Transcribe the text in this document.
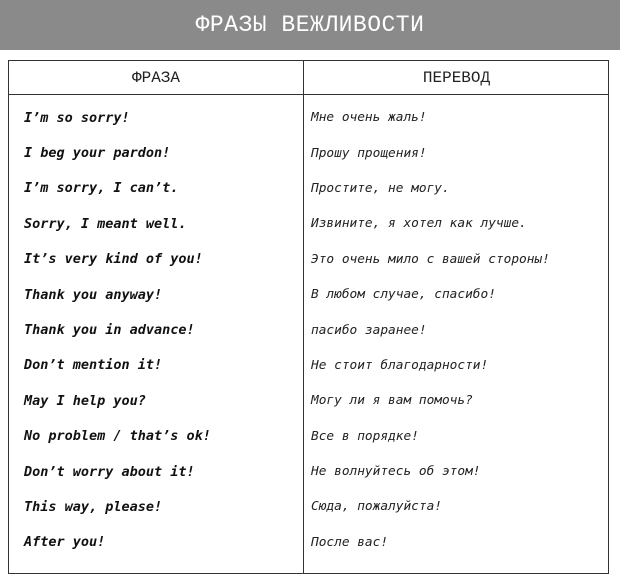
ФРАЗЫ ВЕЖЛИВОСТИ
ФРАЗА	ПЕРЕВОД
I’m so sorry!	Мне очень жаль!
I beg your pardon!	Прошу прощения!
I’m sorry, I can’t.	Простите, не могу.
Sorry, I meant well.	Извините, я хотел как лучше.
It’s very kind of you!	Это очень мило с вашей стороны!
Thank you anyway!	В любом случае, спасибо!
Thank you in advance!	пасибо заранее!
Don’t mention it!	Не стоит благодарности!
May I help you?	Могу ли я вам помочь?
No problem / that’s ok!	Все в порядке!
Don’t worry about it!	Не волнуйтесь об этом!
This way, please!	Сюда, пожалуйста!
After you!	После вас!
